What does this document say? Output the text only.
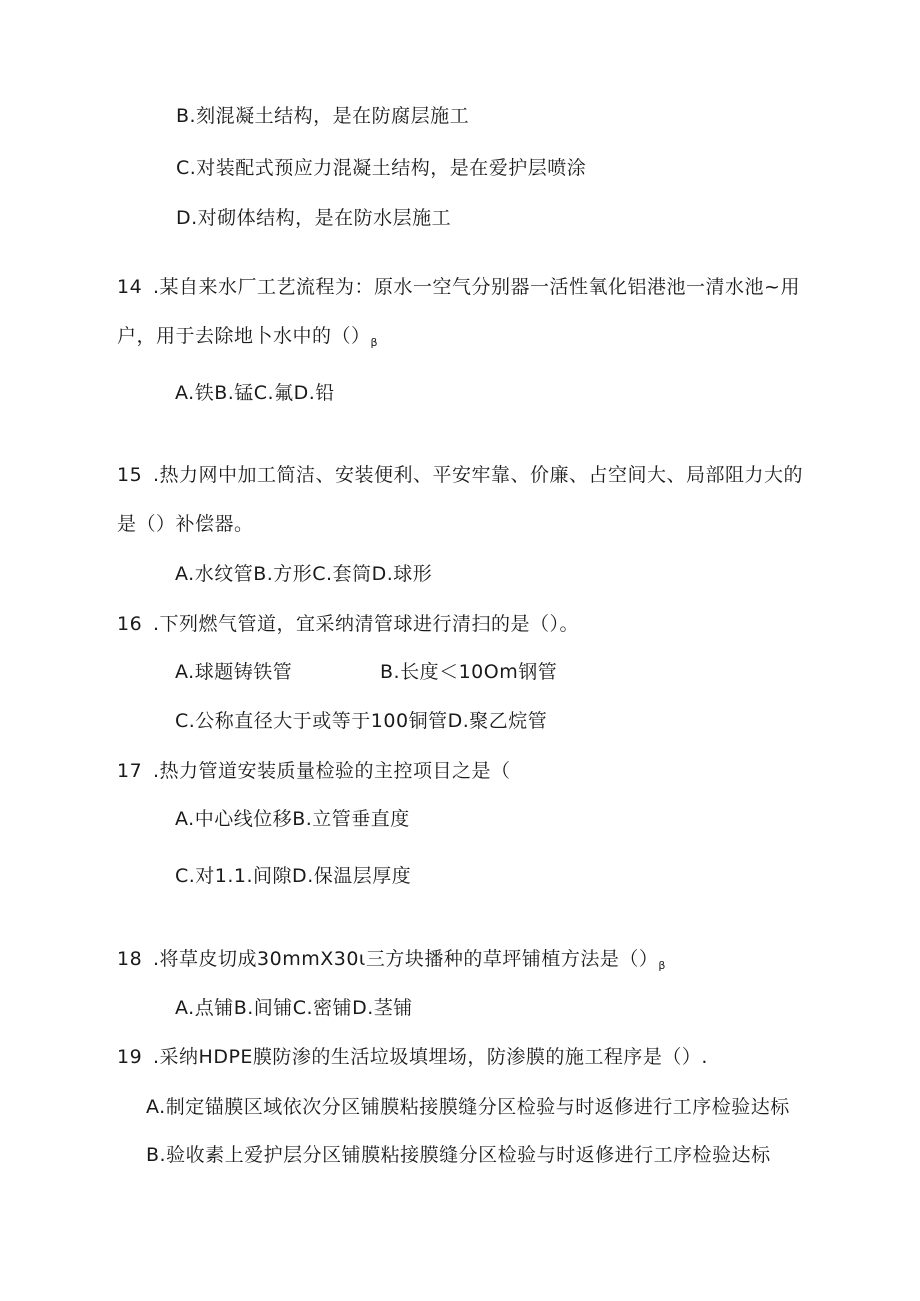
B.刻混凝土结构，是在防腐层施工
C.对装配式预应力混凝土结构，是在爱护层喷涂
D.对砌体结构，是在防水层施工
14 .某自来水厂工艺流程为：原水一空气分别器一活性氧化铝港池一清水池~用
户，用于去除地卜水中的$()_\beta$
A.铁B.锰C.氟D.铅
15 .热力网中加工简洁、安装便利、平安牢靠、价廉、占空间大、局部阻力大的
是（）补偿器。
A.水纹管B.方形C.套筒D.球形
16 .下列燃气管道，宜采纳清管球进行清扫的是（）。
A.球题铸铁管	B.长度＜10Om钢管
C.公称直径大于或等于100铜管D.聚乙烷管
17 .热力管道安装质量检验的主控项目之是（
A.中心线位移B.立管垂直度
C.对1.1.间隙D.保温层厚度
18 .将草皮切成30mmX30ι三方块播种的草坪铺植方法是$()_\beta$
A.点铺B.间铺C.密铺D.茎铺
19 .采纳HDPE膜防渗的生活垃圾填埋场，防渗膜的施工程序是（）.
A.制定锚膜区域依次分区铺膜粘接膜缝分区检验与时返修进行工序检验达标
B.验收素上爱护层分区铺膜粘接膜缝分区检验与时返修进行工序检验达标
